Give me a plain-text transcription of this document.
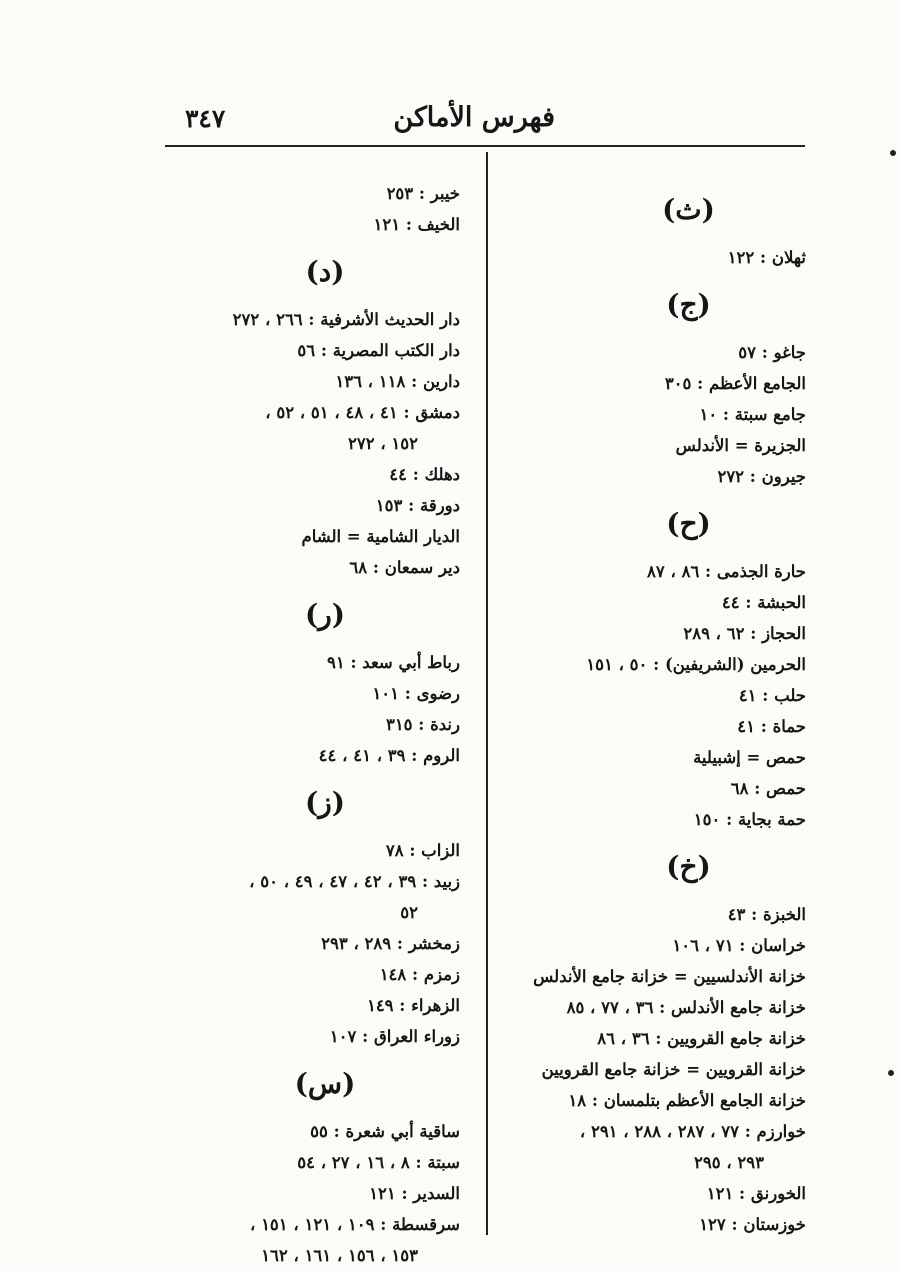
فهرس الأماكن
٣٤٧
(ث)
ثهلان : ١٢٢
(ج)
جاغو : ٥٧
الجامع الأعظم : ٣٠٥
جامع سبتة : ١٠
الجزيرة = الأندلس
جيرون : ٢٧٢
(ح)
حارة الجذمى : ٨٦ ، ٨٧
الحبشة : ٤٤
الحجاز : ٦٢ ، ٢٨٩
الحرمين (الشريفين) : ٥٠ ، ١٥١
حلب : ٤١
حماة : ٤١
حمص = إشبيلية
حمص : ٦٨
حمة بجاية : ١٥٠
(خ)
الخبزة : ٤٣
خراسان : ٧١ ، ١٠٦
خزانة الأندلسيين = خزانة جامع الأندلس
خزانة جامع الأندلس : ٣٦ ، ٧٧ ، ٨٥
خزانة جامع القرويين : ٣٦ ، ٨٦
خزانة القرويين = خزانة جامع القرويين
خزانة الجامع الأعظم بتلمسان : ١٨
خوارزم : ٧٧ ، ٢٨٧ ، ٢٨٨ ، ٢٩١ ،
٢٩٣ ، ٢٩٥
الخورنق : ١٢١
خوزستان : ١٢٧
خيبر : ٢٥٣
الخيف : ١٢١
(د)
دار الحديث الأشرفية : ٢٦٦ ، ٢٧٢
دار الكتب المصرية : ٥٦
دارين : ١١٨ ، ١٣٦
دمشق : ٤١ ، ٤٨ ، ٥١ ، ٥٢ ،
١٥٢ ، ٢٧٢
دهلك : ٤٤
دورقة : ١٥٣
الديار الشامية = الشام
دير سمعان : ٦٨
(ر)
رباط أبي سعد : ٩١
رضوى : ١٠١
رندة : ٣١٥
الروم : ٣٩ ، ٤١ ، ٤٤
(ز)
الزاب : ٧٨
زبيد : ٣٩ ، ٤٢ ، ٤٧ ، ٤٩ ، ٥٠ ،
٥٢
زمخشر : ٢٨٩ ، ٢٩٣
زمزم : ١٤٨
الزهراء : ١٤٩
زوراء العراق : ١٠٧
(س)
ساقية أبي شعرة : ٥٥
سبتة : ٨ ، ١٦ ، ٢٧ ، ٥٤
السدير : ١٢١
سرقسطة : ١٠٩ ، ١٢١ ، ١٥١ ،
١٥٣ ، ١٥٦ ، ١٦١ ، ١٦٢
